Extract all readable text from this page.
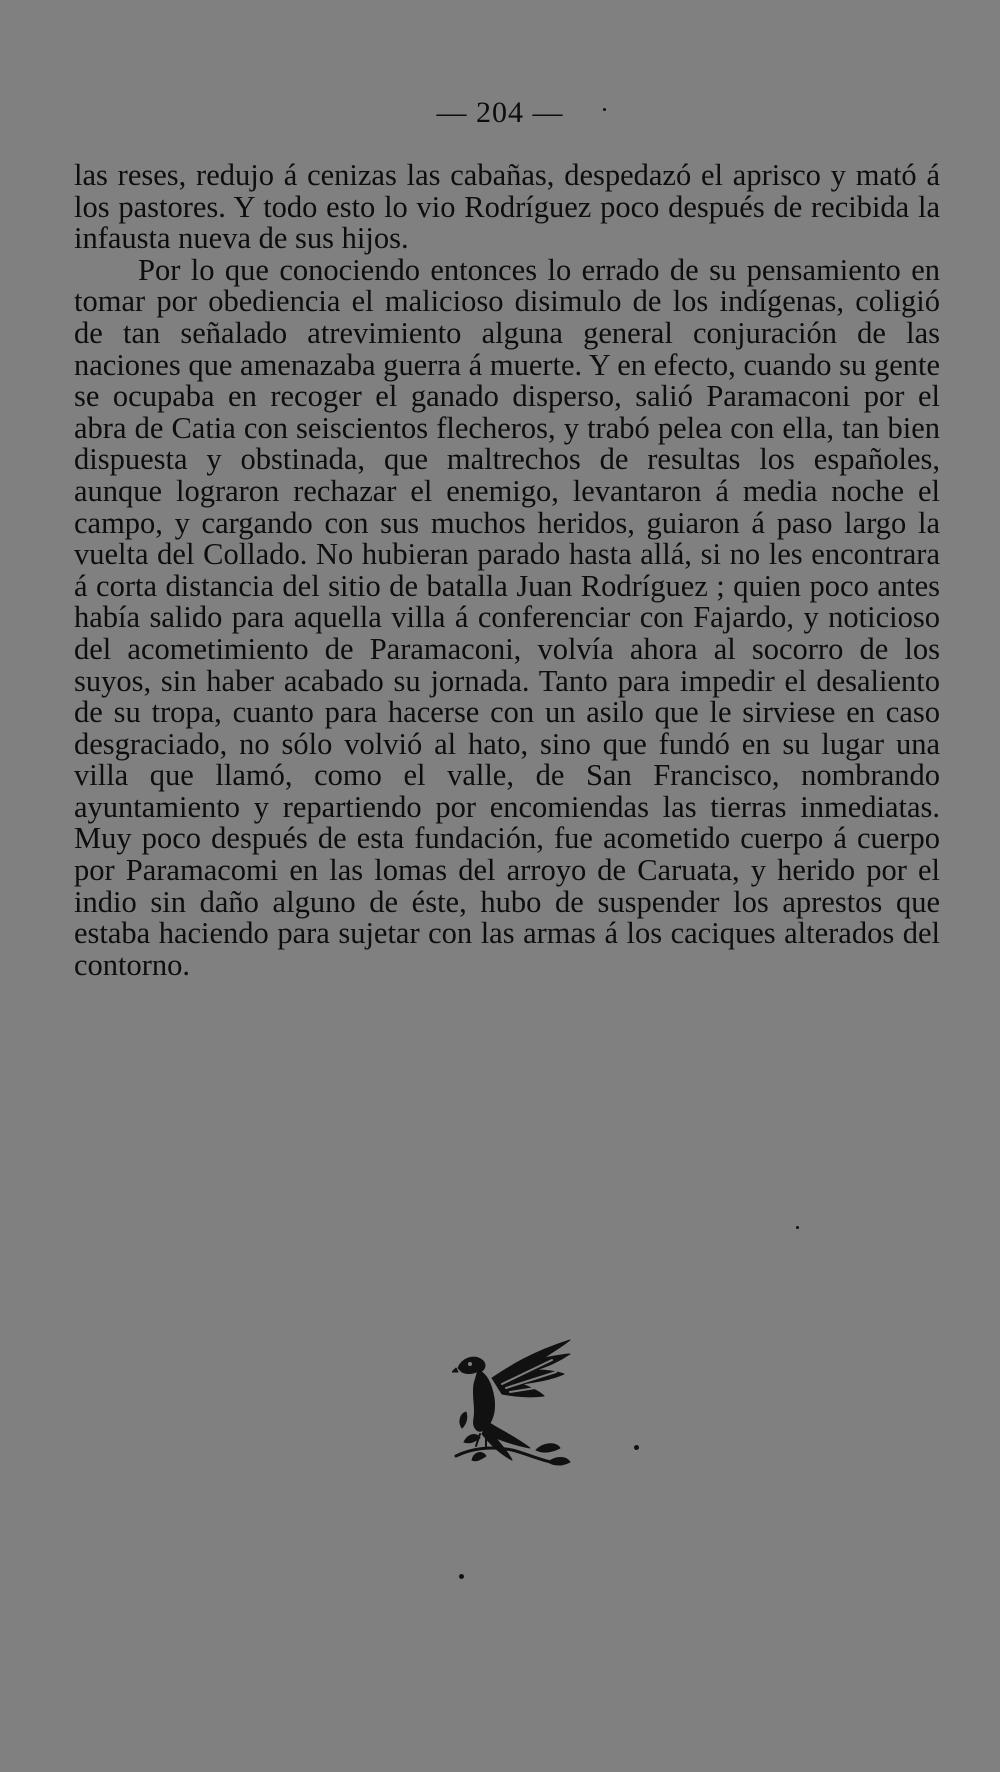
— 204 —

las reses, redujo á cenizas las cabañas, despedazó el aprisco y mató á los pastores. Y todo esto lo vio Rodríguez poco después de recibida la infausta nueva de sus hijos.

Por lo que conociendo entonces lo errado de su pensamiento en tomar por obediencia el malicioso disimulo de los indígenas, coligió de tan señalado atrevimiento alguna general conjuración de las naciones que amenazaba guerra á muerte. Y en efecto, cuando su gente se ocupaba en recoger el ganado disperso, salió Paramaconi por el abra de Catia con seiscientos flecheros, y trabó pelea con ella, tan bien dispuesta y obstinada, que maltrechos de resultas los españoles, aunque lograron rechazar el enemigo, levantaron á media noche el campo, y cargando con sus muchos heridos, guiaron á paso largo la vuelta del Collado. No hubieran parado hasta allá, si no les encontrara á corta distancia del sitio de batalla Juan Rodríguez ; quien poco antes había salido para aquella villa á conferenciar con Fajardo, y noticioso del acometimiento de Paramaconi, volvía ahora al socorro de los suyos, sin haber acabado su jornada. Tanto para impedir el desaliento de su tropa, cuanto para hacerse con un asilo que le sirviese en caso desgraciado, no sólo volvió al hato, sino que fundó en su lugar una villa que llamó, como el valle, de San Francisco, nombrando ayuntamiento y repartiendo por encomiendas las tierras inmediatas. Muy poco después de esta fundación, fue acometido cuerpo á cuerpo por Paramacomi en las lomas del arroyo de Caruata, y herido por el indio sin daño alguno de éste, hubo de suspender los aprestos que estaba haciendo para sujetar con las armas á los caciques alterados del contorno.
